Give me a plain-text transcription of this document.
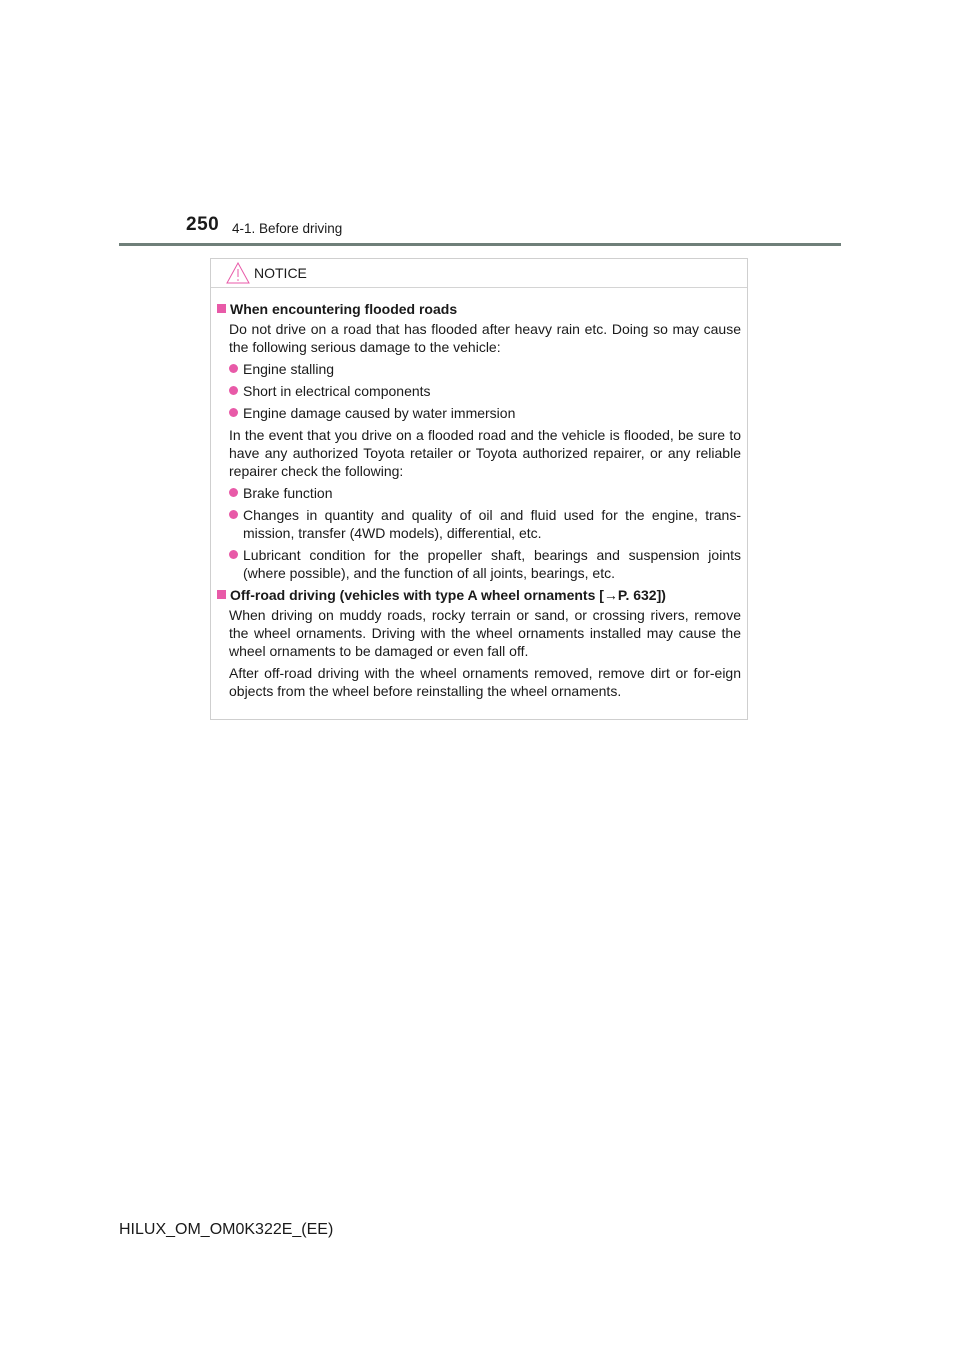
250 4-1. Before driving
NOTICE
When encountering flooded roads
Do not drive on a road that has flooded after heavy rain etc. Doing so may cause the following serious damage to the vehicle:
Engine stalling
Short in electrical components
Engine damage caused by water immersion
In the event that you drive on a flooded road and the vehicle is flooded, be sure to have any authorized Toyota retailer or Toyota authorized repairer, or any reliable repairer check the following:
Brake function
Changes in quantity and quality of oil and fluid used for the engine, trans-mission, transfer (4WD models), differential, etc.
Lubricant condition for the propeller shaft, bearings and suspension joints (where possible), and the function of all joints, bearings, etc.
Off-road driving (vehicles with type A wheel ornaments [→P. 632])
When driving on muddy roads, rocky terrain or sand, or crossing rivers, remove the wheel ornaments. Driving with the wheel ornaments installed may cause the wheel ornaments to be damaged or even fall off.
After off-road driving with the wheel ornaments removed, remove dirt or for-eign objects from the wheel before reinstalling the wheel ornaments.
HILUX_OM_OM0K322E_(EE)
